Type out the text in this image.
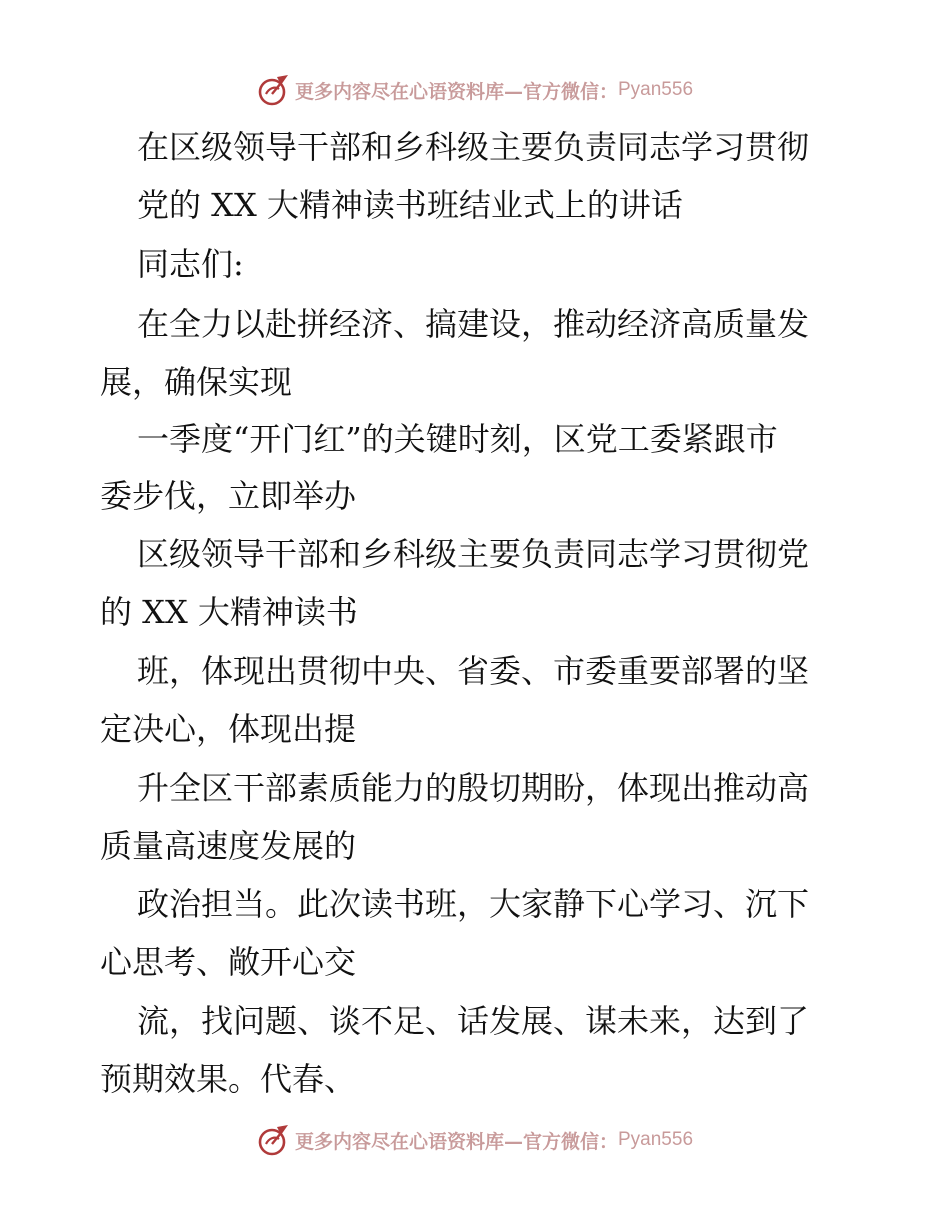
更多内容尽在心语资料库—官方微信： Pyan556
在区级领导干部和乡科级主要负责同志学习贯彻
党的 XX 大精神读书班结业式上的讲话
同志们:
在全力以赴拼经济、搞建设，推动经济高质量发
展，确保实现
一季度“开门红”的关键时刻，区党工委紧跟市
委步伐，立即举办
区级领导干部和乡科级主要负责同志学习贯彻党
的 XX 大精神读书
班，体现出贯彻中央、省委、市委重要部署的坚
定决心，体现出提
升全区干部素质能力的殷切期盼，体现出推动高
质量高速度发展的
政治担当。此次读书班，大家静下心学习、沉下
心思考、敞开心交
流，找问题、谈不足、话发展、谋未来，达到了
预期效果。代春、
更多内容尽在心语资料库—官方微信： Pyan556
